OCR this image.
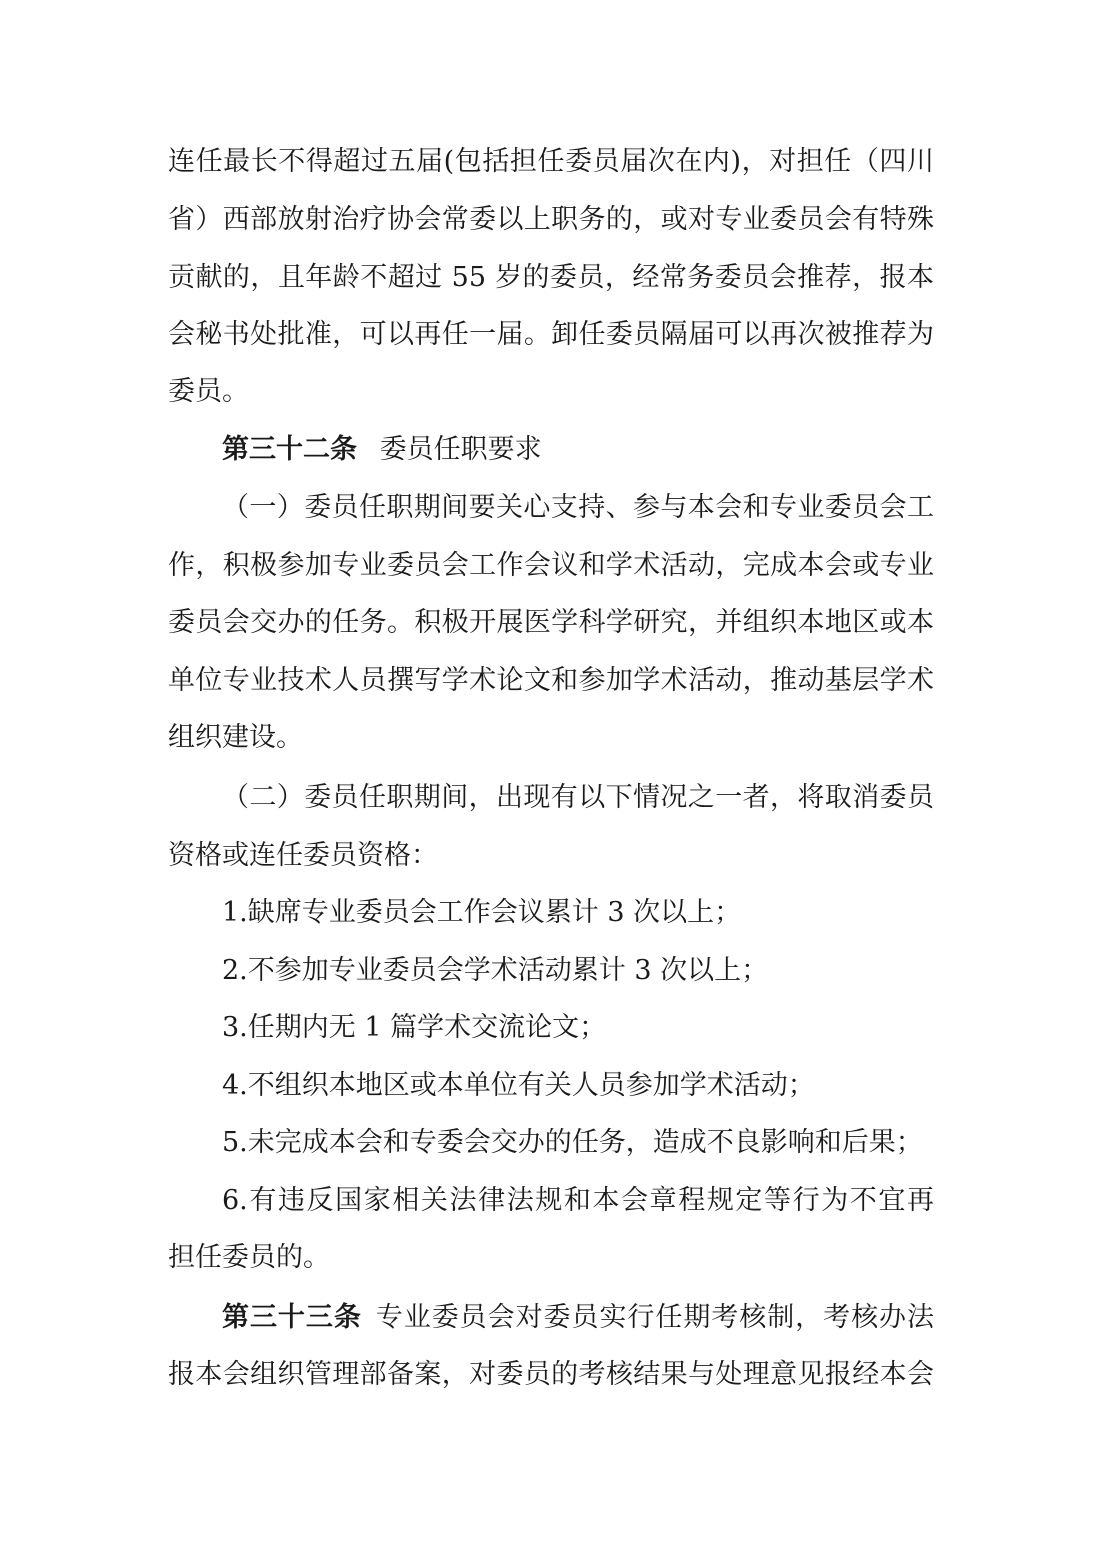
连任最长不得超过五届(包括担任委员届次在内)，对担任（四川
省）西部放射治疗协会常委以上职务的，或对专业委员会有特殊
贡献的，且年龄不超过 55 岁的委员，经常务委员会推荐，报本
会秘书处批准，可以再任一届。卸任委员隔届可以再次被推荐为
委员。
第三十二条 委员任职要求
（一）委员任职期间要关心支持、参与本会和专业委员会工
作，积极参加专业委员会工作会议和学术活动，完成本会或专业
委员会交办的任务。积极开展医学科学研究，并组织本地区或本
单位专业技术人员撰写学术论文和参加学术活动，推动基层学术
组织建设。
（二）委员任职期间，出现有以下情况之一者，将取消委员
资格或连任委员资格：
1.缺席专业委员会工作会议累计 3 次以上；
2.不参加专业委员会学术活动累计 3 次以上；
3.任期内无 1 篇学术交流论文；
4.不组织本地区或本单位有关人员参加学术活动；
5.未完成本会和专委会交办的任务，造成不良影响和后果；
6.有违反国家相关法律法规和本会章程规定等行为不宜再
担任委员的。
第三十三条 专业委员会对委员实行任期考核制，考核办法
报本会组织管理部备案，对委员的考核结果与处理意见报经本会
